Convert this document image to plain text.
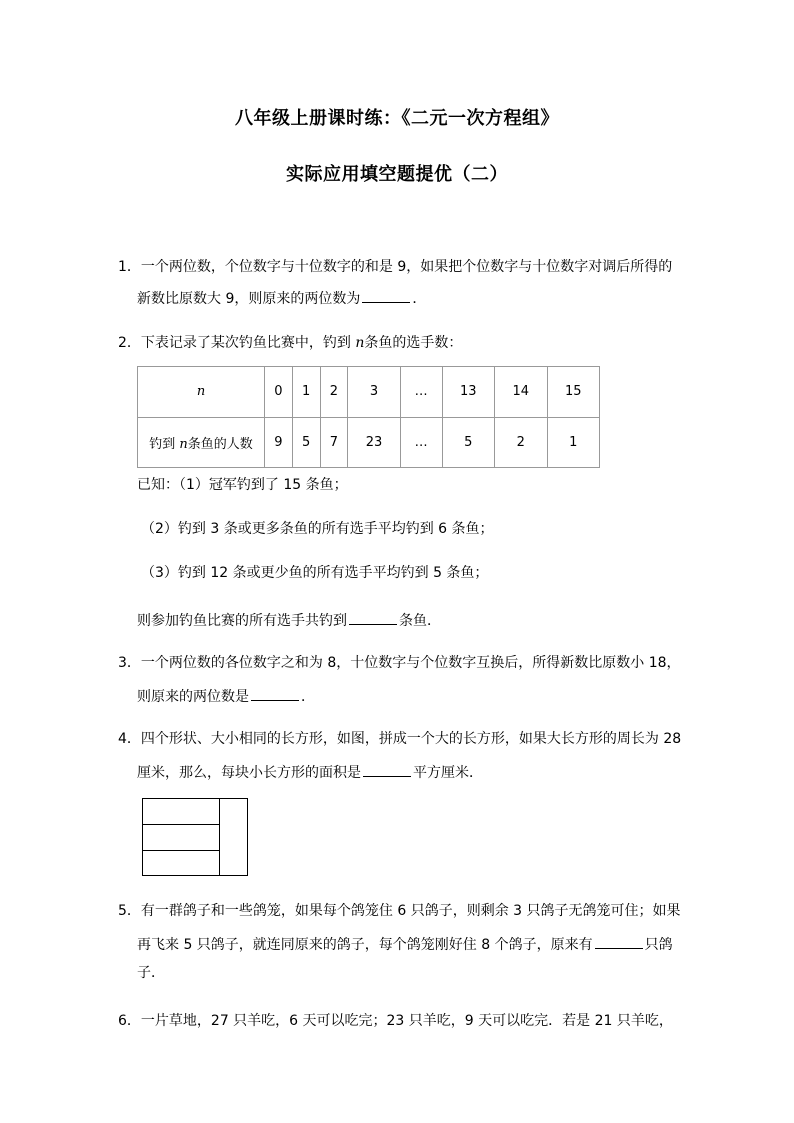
八年级上册课时练：《二元一次方程组》
实际应用填空题提优（二）
1．一个两位数，个位数字与十位数字的和是 9，如果把个位数字与十位数字对调后所得的
新数比原数大 9，则原来的两位数为	．
2．下表记录了某次钓鱼比赛中，钓到 n条鱼的选手数：
n	0	1	2	3	…	13	14	15
钓到 n条鱼的人数	9	5	7	23	…	5	2	1
已知：（1）冠军钓到了 15 条鱼；
（2）钓到 3 条或更多条鱼的所有选手平均钓到 6 条鱼；
（3）钓到 12 条或更少鱼的所有选手平均钓到 5 条鱼；
则参加钓鱼比赛的所有选手共钓到	条鱼．
3．一个两位数的各位数字之和为 8，十位数字与个位数字互换后，所得新数比原数小 18，
则原来的两位数是	．
4．四个形状、大小相同的长方形，如图，拼成一个大的长方形，如果大长方形的周长为 28
厘米，那么，每块小长方形的面积是	平方厘米．
5．有一群鸽子和一些鸽笼，如果每个鸽笼住 6 只鸽子，则剩余 3 只鸽子无鸽笼可住；如果
再飞来 5 只鸽子，就连同原来的鸽子，每个鸽笼刚好住 8 个鸽子，原来有	只鸽
子．
6．一片草地，27 只羊吃，6 天可以吃完；23 只羊吃，9 天可以吃完．若是 21 只羊吃，
